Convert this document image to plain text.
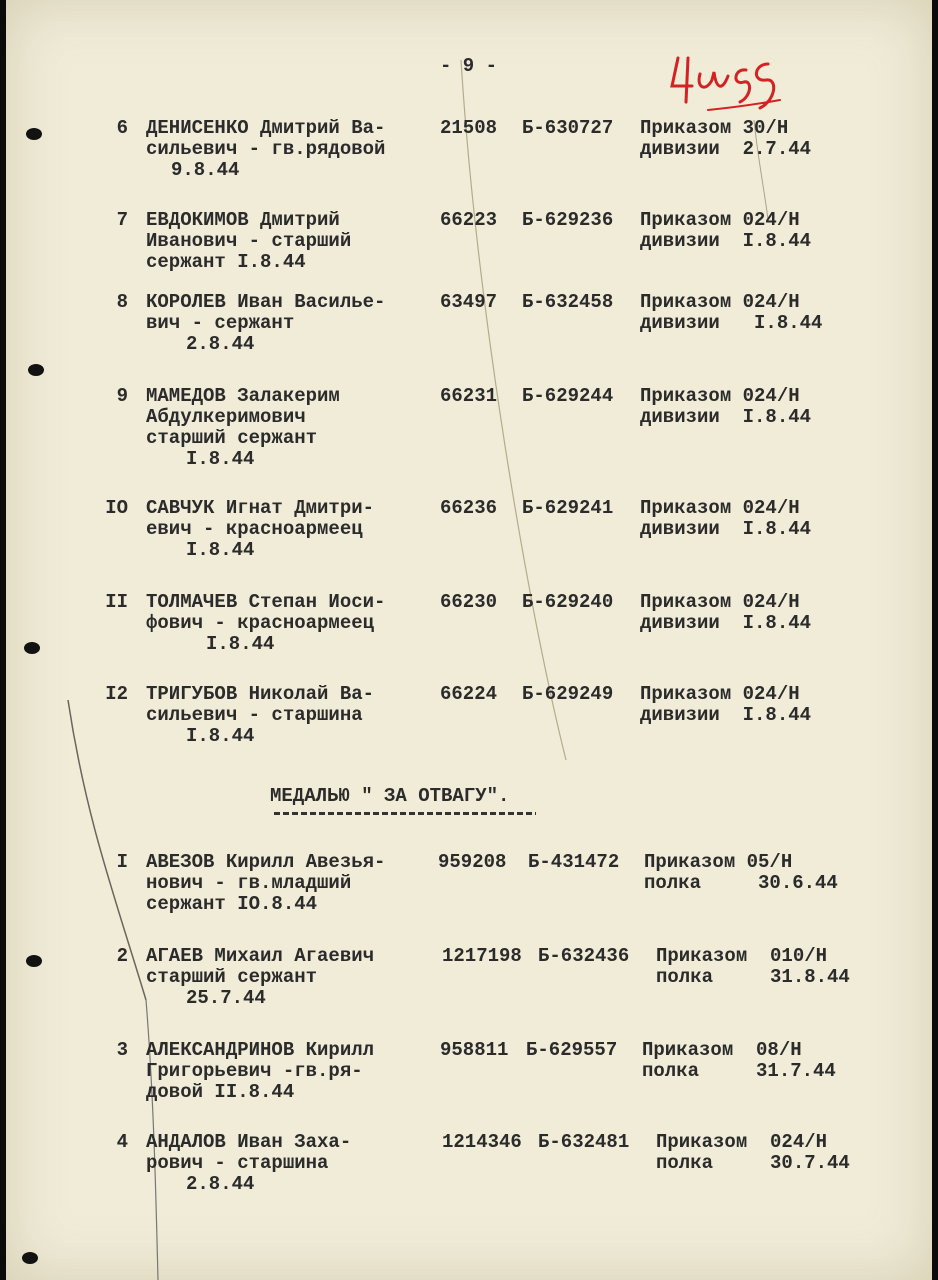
- 9 -
6 ДЕНИСЕНКО Дмитрий Ва-
сильевич - гв.рядовой
9.8.44
21508 Б-630727 Приказом 30/Н
дивизии  2.7.44
7 ЕВДОКИМОВ Дмитрий
Иванович - старший
сержант I.8.44
66223 Б-629236 Приказом 024/Н
дивизии  I.8.44
8 КОРОЛЕВ Иван Василье-
вич - сержант
2.8.44
63497 Б-632458 Приказом 024/Н
дивизии   I.8.44
9 МАМЕДОВ Залакерим
Абдулкеримович
старший сержант
I.8.44
66231 Б-629244 Приказом 024/Н
дивизии  I.8.44
IO САВЧУК Игнат Дмитри-
евич - красноармеец
I.8.44
66236 Б-629241 Приказом 024/Н
дивизии  I.8.44
II ТОЛМАЧЕВ Степан Иоси-
фович - красноармеец
I.8.44
66230 Б-629240 Приказом 024/Н
дивизии  I.8.44
I2 ТРИГУБОВ Николай Ва-
сильевич - старшина
I.8.44
66224 Б-629249 Приказом 024/Н
дивизии  I.8.44
МЕДАЛЬЮ " ЗА ОТВАГУ".
I АВЕЗОВ Кирилл Авезья-
нович - гв.младший
сержант IO.8.44
959208 Б-431472 Приказом 05/Н
полка     30.6.44
2 АГАЕВ Михаил Агаевич
старший сержант
25.7.44
1217198 Б-632436 Приказом  010/Н
полка     31.8.44
3 АЛЕКСАНДРИНОВ Кирилл
Григорьевич -гв.ря-
довой II.8.44
958811 Б-629557 Приказом  08/Н
полка     31.7.44
4 АНДАЛОВ Иван Заха-
рович - старшина
2.8.44
1214346 Б-632481 Приказом  024/Н
полка     30.7.44
